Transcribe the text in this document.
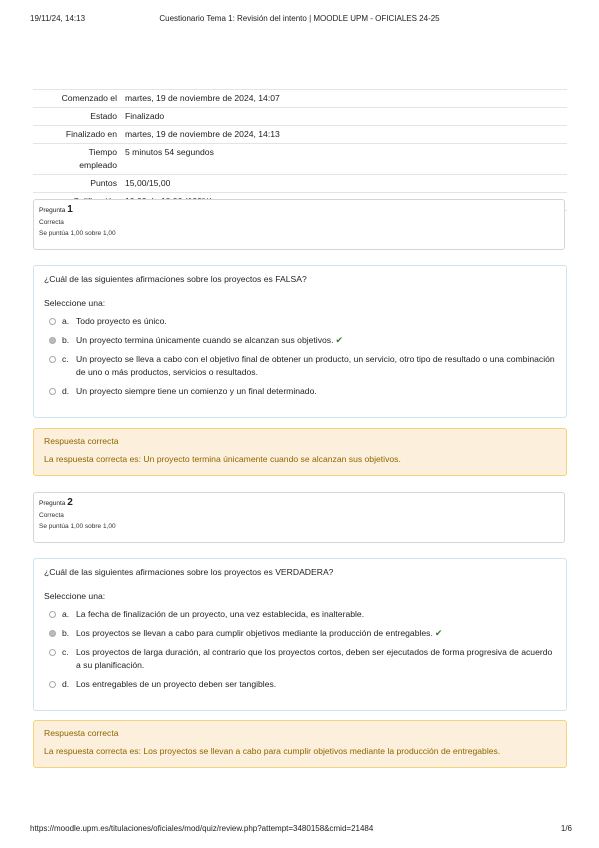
19/11/24, 14:13	Cuestionario Tema 1: Revisión del intento | MOODLE UPM - OFICIALES 24-25
Comenzado el martes, 19 de noviembre de 2024, 14:07
Estado Finalizado
Finalizado en martes, 19 de noviembre de 2024, 14:13
Tiempo empleado
5 minutos 54 segundos
Puntos 15,00/15,00
Pregunta 1
Correcta
Se puntúa 1,00 sobre 1,00
¿Cuál de las siguientes afirmaciones sobre los proyectos es FALSA?
Seleccione una:
a. Todo proyecto es único.
b. Un proyecto termina únicamente cuando se alcanzan sus objetivos. ✔
c. Un proyecto se lleva a cabo con el objetivo final de obtener un producto, un servicio, otro tipo de resultado o una combinación de uno o más productos, servicios o resultados.
d. Un proyecto siempre tiene un comienzo y un final determinado.
Respuesta correcta
La respuesta correcta es: Un proyecto termina únicamente cuando se alcanzan sus objetivos.
Pregunta 2
Correcta
Se puntúa 1,00 sobre 1,00
¿Cuál de las siguientes afirmaciones sobre los proyectos es VERDADERA?
Seleccione una:
a. La fecha de finalización de un proyecto, una vez establecida, es inalterable.
b. Los proyectos se llevan a cabo para cumplir objetivos mediante la producción de entregables. ✔
c. Los proyectos de larga duración, al contrario que los proyectos cortos, deben ser ejecutados de forma progresiva de acuerdo a su planificación.
d. Los entregables de un proyecto deben ser tangibles.
Respuesta correcta
La respuesta correcta es: Los proyectos se llevan a cabo para cumplir objetivos mediante la producción de entregables.
https://moodle.upm.es/titulaciones/oficiales/mod/quiz/review.php?attempt=3480158&cmid=21484	1/6
